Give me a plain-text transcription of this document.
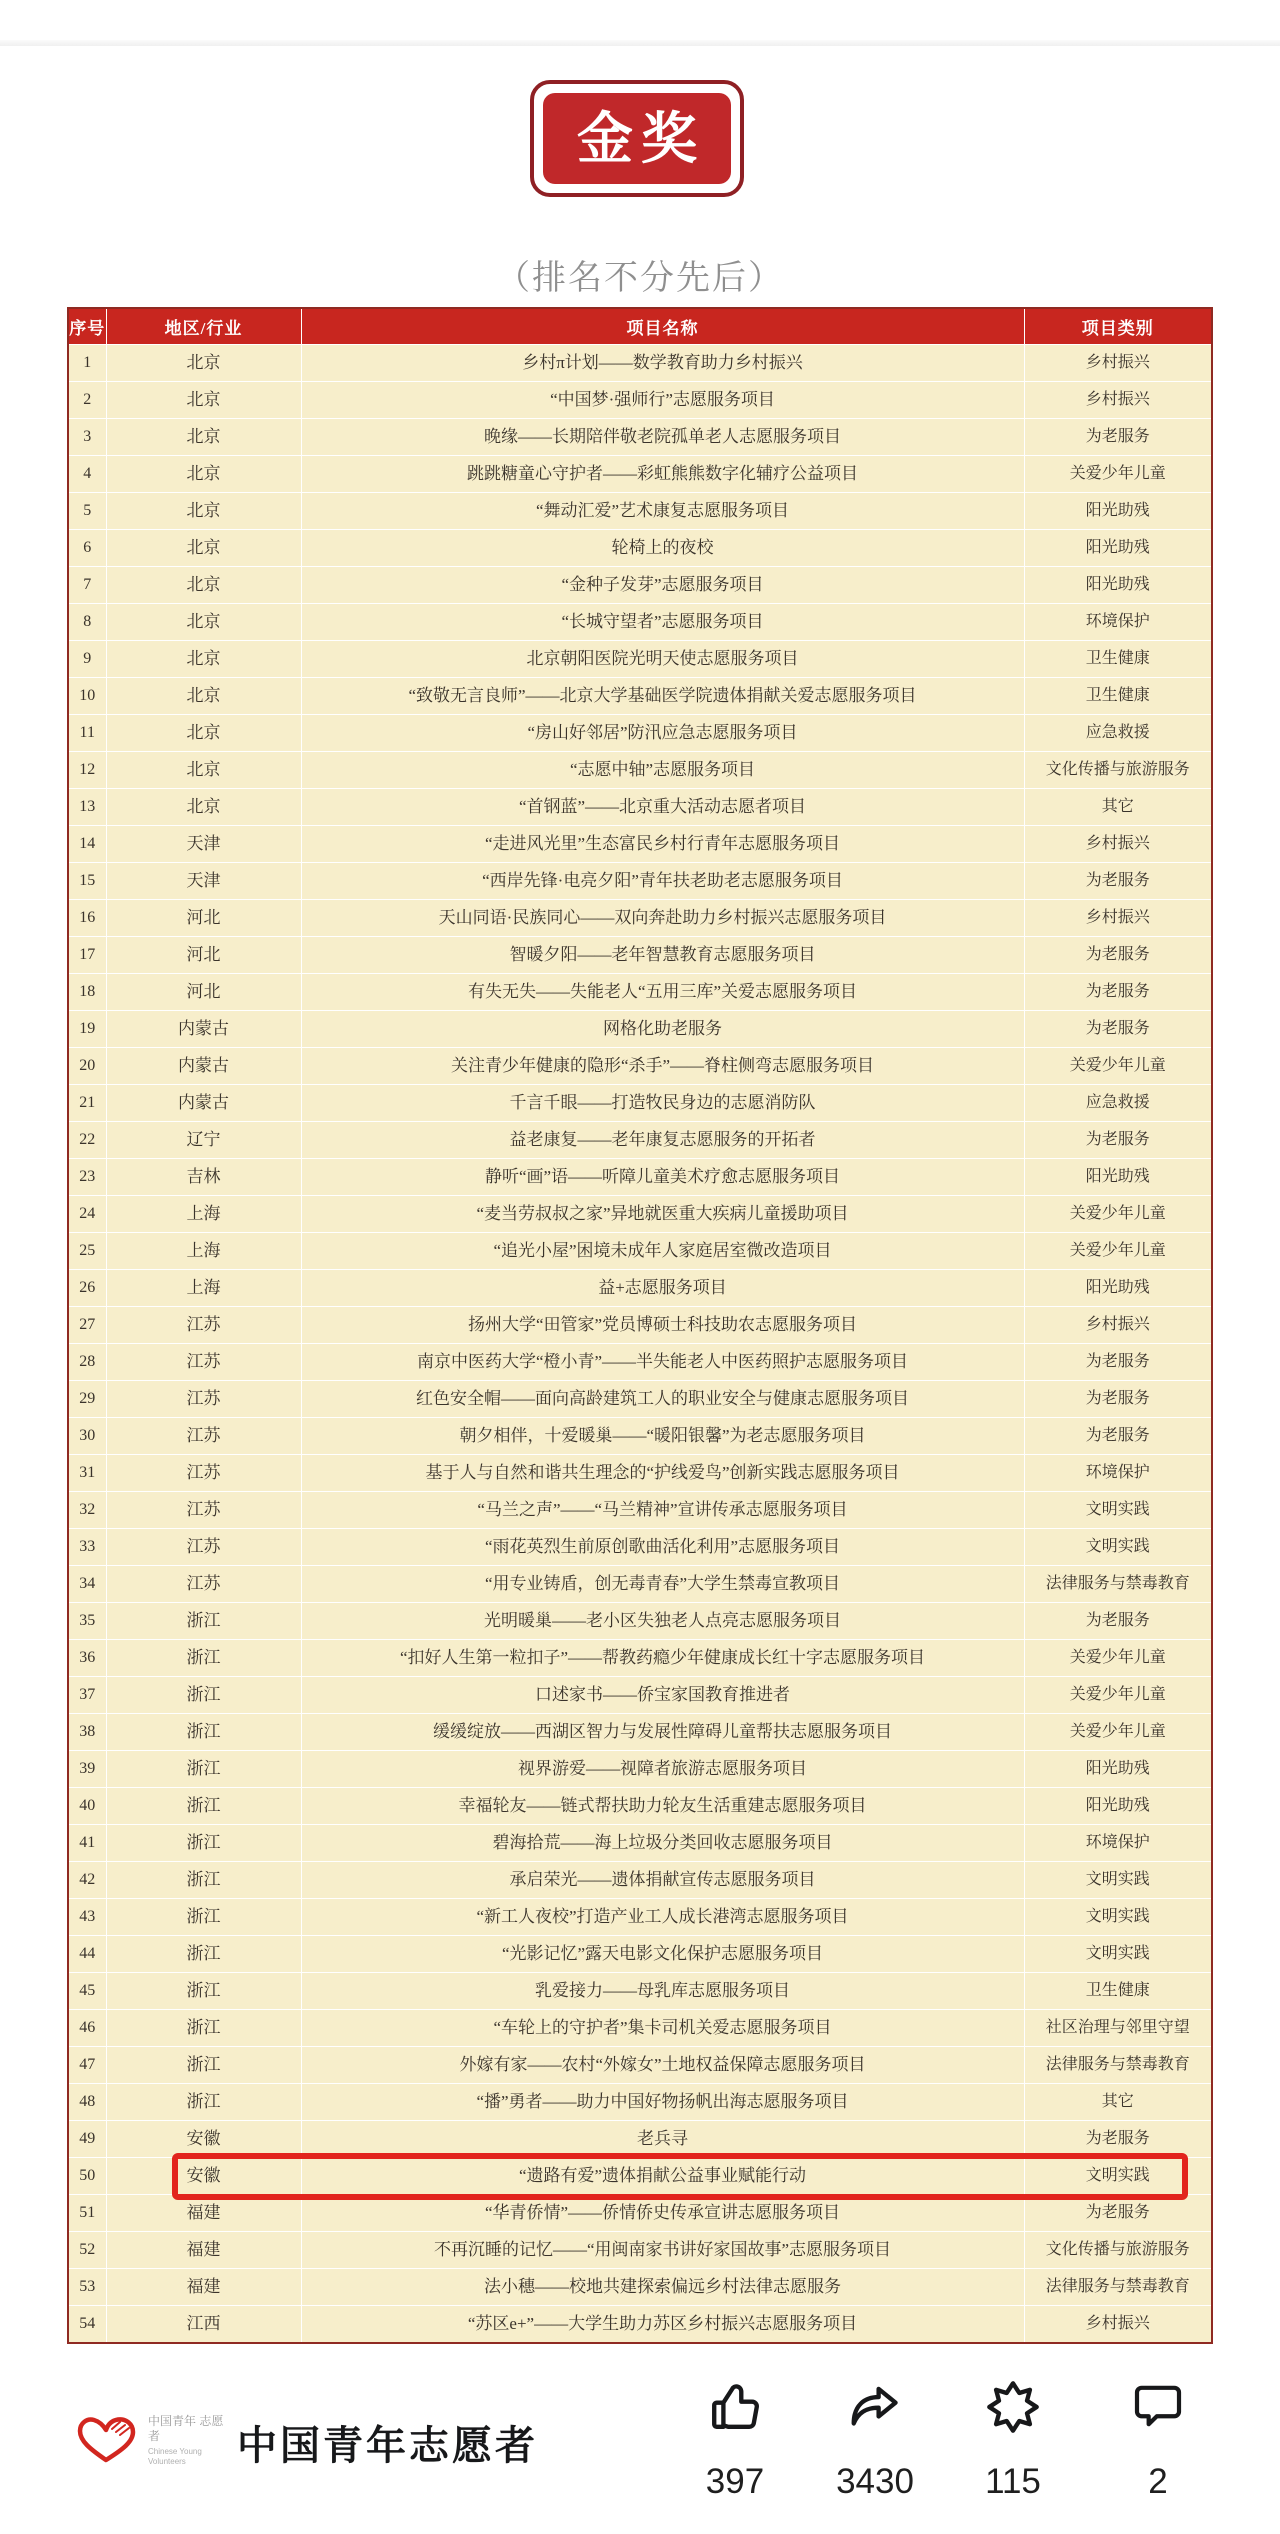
金奖
（排名不分先后）
序号	地区/行业	项目名称	项目类别
1	北京	乡村π计划——数学教育助力乡村振兴	乡村振兴
2	北京	“中国梦·强师行”志愿服务项目	乡村振兴
3	北京	晚缘——长期陪伴敬老院孤单老人志愿服务项目	为老服务
4	北京	跳跳糖童心守护者——彩虹熊熊数字化辅疗公益项目	关爱少年儿童
5	北京	“舞动汇爱”艺术康复志愿服务项目	阳光助残
6	北京	轮椅上的夜校	阳光助残
7	北京	“金种子发芽”志愿服务项目	阳光助残
8	北京	“长城守望者”志愿服务项目	环境保护
9	北京	北京朝阳医院光明天使志愿服务项目	卫生健康
10	北京	“致敬无言良师”——北京大学基础医学院遗体捐献关爱志愿服务项目	卫生健康
11	北京	“房山好邻居”防汛应急志愿服务项目	应急救援
12	北京	“志愿中轴”志愿服务项目	文化传播与旅游服务
13	北京	“首钢蓝”——北京重大活动志愿者项目	其它
14	天津	“走进风光里”生态富民乡村行青年志愿服务项目	乡村振兴
15	天津	“西岸先锋·电亮夕阳”青年扶老助老志愿服务项目	为老服务
16	河北	天山同语·民族同心——双向奔赴助力乡村振兴志愿服务项目	乡村振兴
17	河北	智暖夕阳——老年智慧教育志愿服务项目	为老服务
18	河北	有失无失——失能老人“五用三库”关爱志愿服务项目	为老服务
19	内蒙古	网格化助老服务	为老服务
20	内蒙古	关注青少年健康的隐形“杀手”——脊柱侧弯志愿服务项目	关爱少年儿童
21	内蒙古	千言千眼——打造牧民身边的志愿消防队	应急救援
22	辽宁	益老康复——老年康复志愿服务的开拓者	为老服务
23	吉林	静听“画”语——听障儿童美术疗愈志愿服务项目	阳光助残
24	上海	“麦当劳叔叔之家”异地就医重大疾病儿童援助项目	关爱少年儿童
25	上海	“追光小屋”困境未成年人家庭居室微改造项目	关爱少年儿童
26	上海	益+志愿服务项目	阳光助残
27	江苏	扬州大学“田管家”党员博硕士科技助农志愿服务项目	乡村振兴
28	江苏	南京中医药大学“橙小青”——半失能老人中医药照护志愿服务项目	为老服务
29	江苏	红色安全帽——面向高龄建筑工人的职业安全与健康志愿服务项目	为老服务
30	江苏	朝夕相伴，十爱暖巢——“暖阳银馨”为老志愿服务项目	为老服务
31	江苏	基于人与自然和谐共生理念的“护线爱鸟”创新实践志愿服务项目	环境保护
32	江苏	“马兰之声”——“马兰精神”宣讲传承志愿服务项目	文明实践
33	江苏	“雨花英烈生前原创歌曲活化利用”志愿服务项目	文明实践
34	江苏	“用专业铸盾，创无毒青春”大学生禁毒宣教项目	法律服务与禁毒教育
35	浙江	光明暖巢——老小区失独老人点亮志愿服务项目	为老服务
36	浙江	“扣好人生第一粒扣子”——帮教药瘾少年健康成长红十字志愿服务项目	关爱少年儿童
37	浙江	口述家书——侨宝家国教育推进者	关爱少年儿童
38	浙江	缓缓绽放——西湖区智力与发展性障碍儿童帮扶志愿服务项目	关爱少年儿童
39	浙江	视界游爱——视障者旅游志愿服务项目	阳光助残
40	浙江	幸福轮友——链式帮扶助力轮友生活重建志愿服务项目	阳光助残
41	浙江	碧海拾荒——海上垃圾分类回收志愿服务项目	环境保护
42	浙江	承启荣光——遗体捐献宣传志愿服务项目	文明实践
43	浙江	“新工人夜校”打造产业工人成长港湾志愿服务项目	文明实践
44	浙江	“光影记忆”露天电影文化保护志愿服务项目	文明实践
45	浙江	乳爱接力——母乳库志愿服务项目	卫生健康
46	浙江	“车轮上的守护者”集卡司机关爱志愿服务项目	社区治理与邻里守望
47	浙江	外嫁有家——农村“外嫁女”土地权益保障志愿服务项目	法律服务与禁毒教育
48	浙江	“播”勇者——助力中国好物扬帆出海志愿服务项目	其它
49	安徽	老兵寻	为老服务
50	安徽	“遗路有爱”遗体捐献公益事业赋能行动	文明实践
51	福建	“华青侨情”——侨情侨史传承宣讲志愿服务项目	为老服务
52	福建	不再沉睡的记忆——“用闽南家书讲好家国故事”志愿服务项目	文化传播与旅游服务
53	福建	法小穗——校地共建探索偏远乡村法律志愿服务	法律服务与禁毒教育
54	江西	“苏区e+”——大学生助力苏区乡村振兴志愿服务项目	乡村振兴
中国青年 志愿者
Chinese Young Volunteers	中国青年志愿者
397	3430	115	2
